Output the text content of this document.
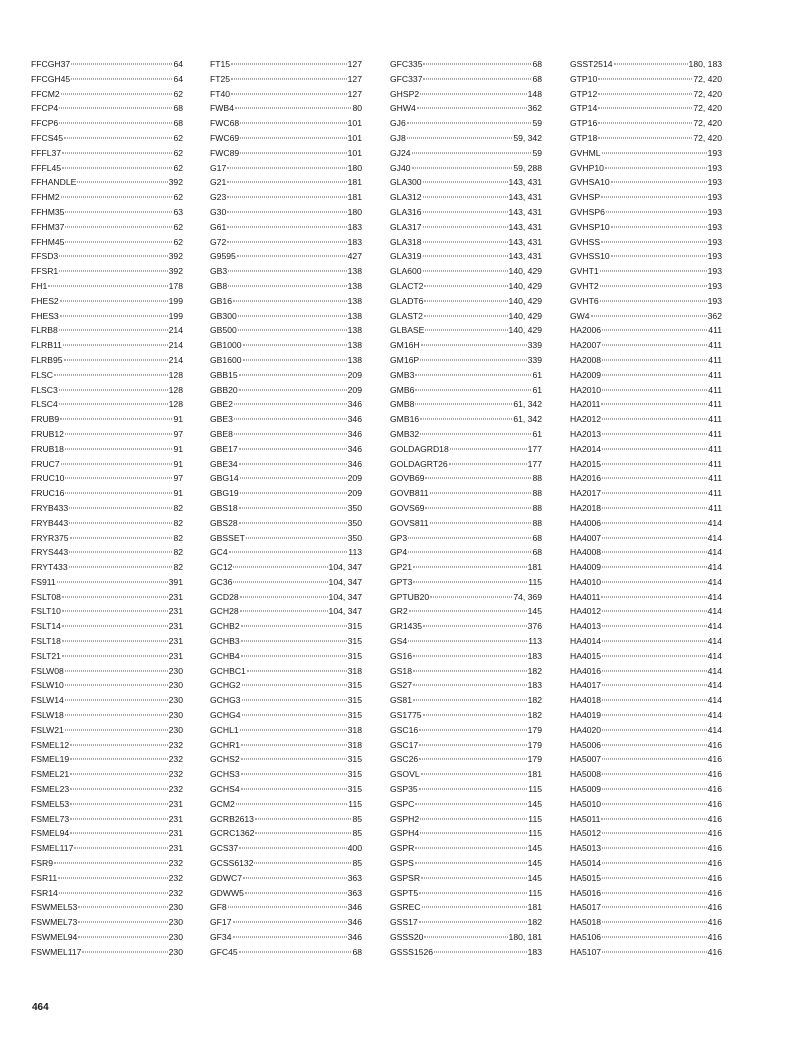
FFCGH37	64
FFCGH45	64
FFCM2	62
FFCP4	68
FFCP6	68
FFCS45	62
FFFL37	62
FFFL45	62
FFHANDLE	392
FFHM2	62
FFHM35	63
FFHM37	62
FFHM45	62
FFSD3	392
FFSR1	392
FH1	178
FHES2	199
FHES3	199
FLRB8	214
FLRB11	214
FLRB95	214
FLSC	128
FLSC3	128
FLSC4	128
FRUB9	91
FRUB12	97
FRUB18	91
FRUC7	91
FRUC10	97
FRUC16	91
FRYB433	82
FRYB443	82
FRYR375	82
FRYS443	82
FRYT433	82
FS911	391
FSLT08	231
FSLT10	231
FSLT14	231
FSLT18	231
FSLT21	231
FSLW08	230
FSLW10	230
FSLW14	230
FSLW18	230
FSLW21	230
FSMEL12	232
FSMEL19	232
FSMEL21	232
FSMEL23	232
FSMEL53	231
FSMEL73	231
FSMEL94	231
FSMEL117	231
FSR9	232
FSR11	232
FSR14	232
FSWMEL53	230
FSWMEL73	230
FSWMEL94	230
FSWMEL117	230
FT15	127
FT25	127
FT40	127
FWB4	80
FWC68	101
FWC69	101
FWC89	101
G17	180
G21	181
G23	181
G30	180
G61	183
G72	183
G9595	427
GB3	138
GB8	138
GB16	138
GB300	138
GB500	138
GB1000	138
GB1600	138
GBB15	209
GBB20	209
GBE2	346
GBE3	346
GBE8	346
GBE17	346
GBE34	346
GBG14	209
GBG19	209
GBS18	350
GBS28	350
GBSSET	350
GC4	113
GC12	104, 347
GC36	104, 347
GCD28	104, 347
GCH28	104, 347
GCHB2	315
GCHB3	315
GCHB4	315
GCHBC1	318
GCHG2	315
GCHG3	315
GCHG4	315
GCHL1	318
GCHR1	318
GCHS2	315
GCHS3	315
GCHS4	315
GCM2	115
GCRB2613	85
GCRC1362	85
GCS37	400
GCSS6132	85
GDWC7	363
GDWW5	363
GF8	346
GF17	346
GF34	346
GFC45	68
GFC335	68
GFC337	68
GHSP2	148
GHW4	362
GJ6	59
GJ8	59, 342
GJ24	59
GJ40	59, 288
GLA300	143, 431
GLA312	143, 431
GLA316	143, 431
GLA317	143, 431
GLA318	143, 431
GLA319	143, 431
GLA600	140, 429
GLACT2	140, 429
GLADT6	140, 429
GLAST2	140, 429
GLBASE	140, 429
GM16H	339
GM16P	339
GMB3	61
GMB6	61
GMB8	61, 342
GMB16	61, 342
GMB32	61
GOLDAGRD18	177
GOLDAGRT26	177
GOVB69	88
GOVB811	88
GOVS69	88
GOVS811	88
GP3	68
GP4	68
GP21	181
GPT3	115
GPTUB20	74, 369
GR2	145
GR1435	376
GS4	113
GS16	183
GS18	182
GS27	183
GS81	182
GS1775	182
GSC16	179
GSC17	179
GSC26	179
GSOVL	181
GSP35	115
GSPC	145
GSPH2	115
GSPH4	115
GSPR	145
GSPS	145
GSPSR	145
GSPT5	115
GSREC	181
GSS17	182
GSSS20	180, 181
GSSS1526	183
GSST2514	180, 183
GTP10	72, 420
GTP12	72, 420
GTP14	72, 420
GTP16	72, 420
GTP18	72, 420
GVHML	193
GVHP10	193
GVHSA10	193
GVHSP	193
GVHSP6	193
GVHSP10	193
GVHSS	193
GVHSS10	193
GVHT1	193
GVHT2	193
GVHT6	193
GW4	362
HA2006	411
HA2007	411
HA2008	411
HA2009	411
HA2010	411
HA2011	411
HA2012	411
HA2013	411
HA2014	411
HA2015	411
HA2016	411
HA2017	411
HA2018	411
HA4006	414
HA4007	414
HA4008	414
HA4009	414
HA4010	414
HA4011	414
HA4012	414
HA4013	414
HA4014	414
HA4015	414
HA4016	414
HA4017	414
HA4018	414
HA4019	414
HA4020	414
HA5006	416
HA5007	416
HA5008	416
HA5009	416
HA5010	416
HA5011	416
HA5012	416
HA5013	416
HA5014	416
HA5015	416
HA5016	416
HA5017	416
HA5018	416
HA5106	416
HA5107	416
464
